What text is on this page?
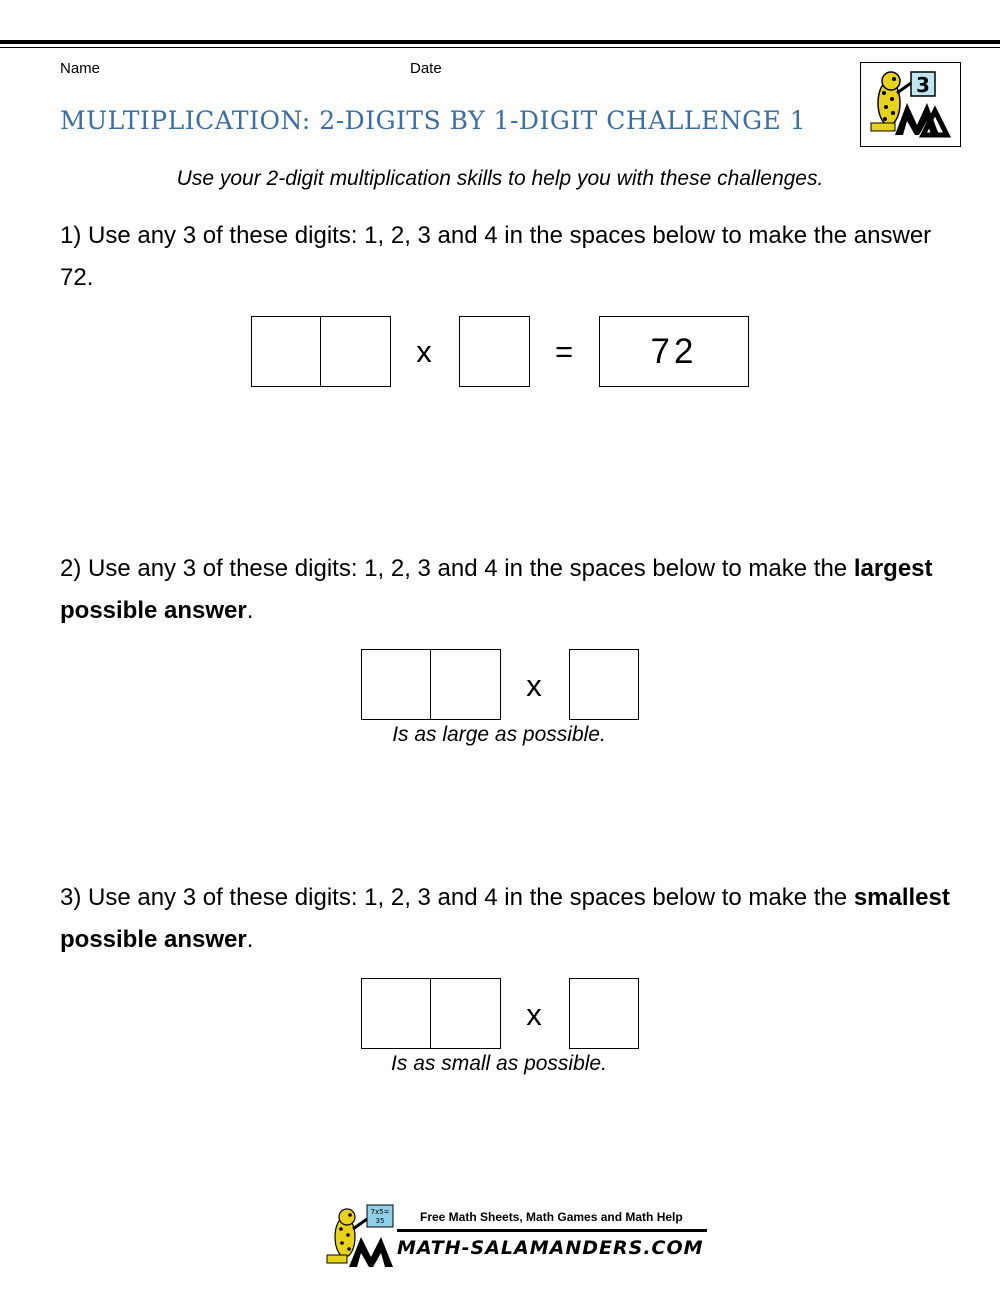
Name	Date
MULTIPLICATION: 2-DIGITS BY 1-DIGIT CHALLENGE 1
3
Use your 2-digit multiplication skills to help you with these challenges.
1) Use any 3 of these digits: 1, 2, 3 and 4 in the spaces below to make the answer 72.
x	=	72
2) Use any 3 of these digits: 1, 2, 3 and 4 in the spaces below to make the largest possible answer.
x
Is as large as possible.
3) Use any 3 of these digits: 1, 2, 3 and 4 in the spaces below to make the smallest possible answer.
x
Is as small as possible.
7x5=
35	Free Math Sheets, Math Games and Math Help
MATH-SALAMANDERS.COM
